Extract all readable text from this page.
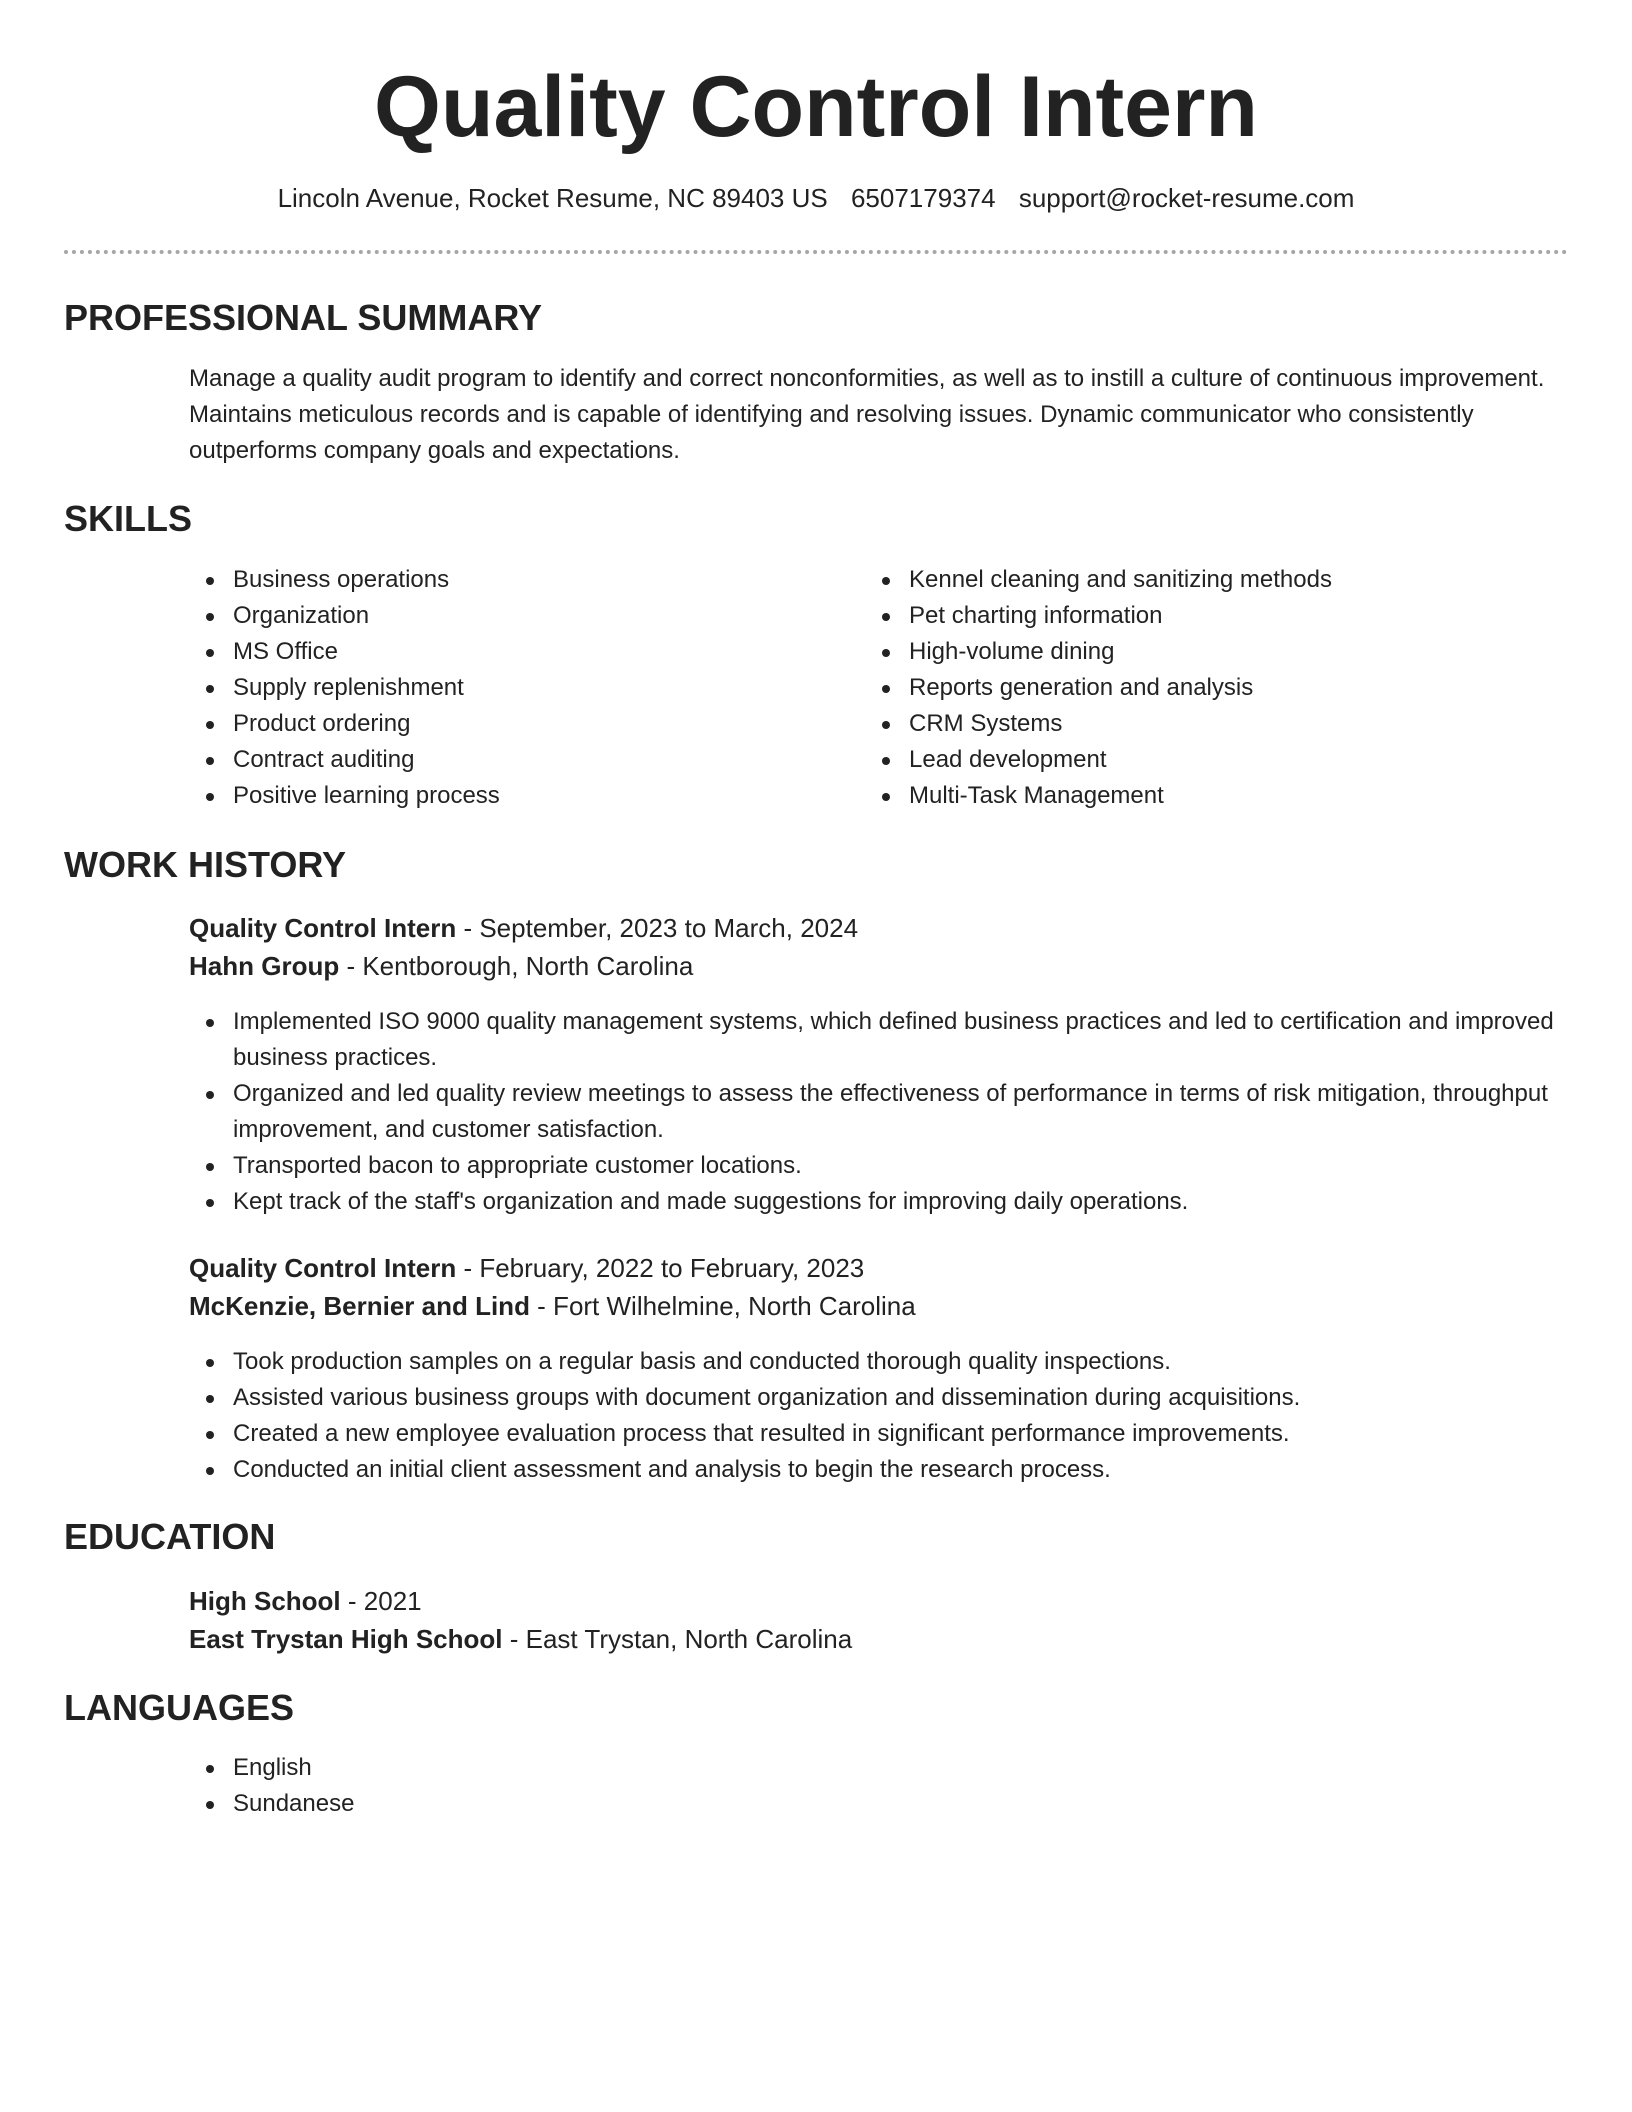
Quality Control Intern
Lincoln Avenue, Rocket Resume, NC 89403 US 6507179374 support@rocket-resume.com
PROFESSIONAL SUMMARY

Manage a quality audit program to identify and correct nonconformities, as well as to instill a culture of continuous improvement. Maintains meticulous records and is capable of identifying and resolving issues. Dynamic communicator who consistently outperforms company goals and expectations.

SKILLS
Business operations
Organization
MS Office
Supply replenishment
Product ordering
Contract auditing
Positive learning process
Kennel cleaning and sanitizing methods
Pet charting information
High-volume dining
Reports generation and analysis
CRM Systems
Lead development
Multi-Task Management
WORK HISTORY

Quality Control Intern - September, 2023 to March, 2024

Hahn Group - Kentborough, North Carolina

Implemented ISO 9000 quality management systems, which defined business practices and led to certification and improved business practices.
Organized and led quality review meetings to assess the effectiveness of performance in terms of risk mitigation, throughput improvement, and customer satisfaction.
Transported bacon to appropriate customer locations.
Kept track of the staff's organization and made suggestions for improving daily operations.

Quality Control Intern - February, 2022 to February, 2023

McKenzie, Bernier and Lind - Fort Wilhelmine, North Carolina

Took production samples on a regular basis and conducted thorough quality inspections.
Assisted various business groups with document organization and dissemination during acquisitions.
Created a new employee evaluation process that resulted in significant performance improvements.
Conducted an initial client assessment and analysis to begin the research process.
EDUCATION

High School - 2021

East Trystan High School - East Trystan, North Carolina

LANGUAGES
English
Sundanese
